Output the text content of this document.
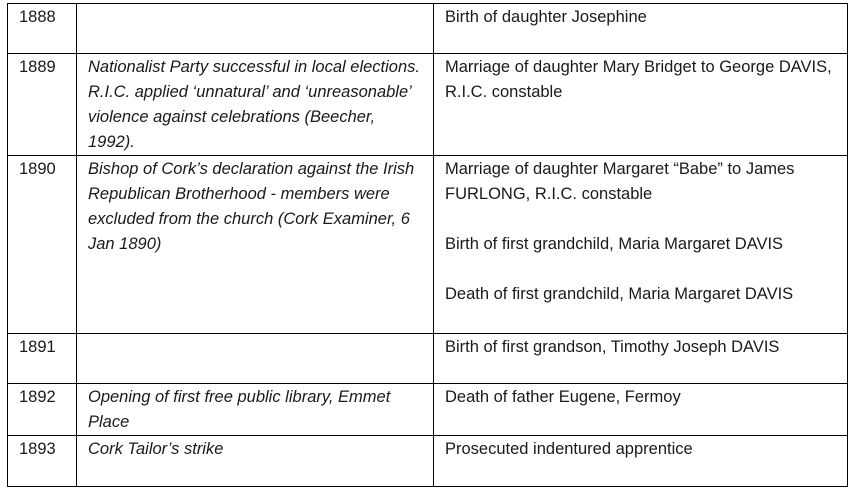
1888		Birth of daughter Josephine

1889	Nationalist Party successful in local elections. R.I.C. applied ‘unnatural’ and ‘unreasonable’ violence against celebrations (Beecher, 1992).	Marriage of daughter Mary Bridget to George DAVIS, R.I.C. constable

1890	Bishop of Cork’s declaration against the Irish Republican Brotherhood - members were excluded from the church (Cork Examiner, 6 Jan 1890)	Marriage of daughter Margaret “Babe” to James FURLONG, R.I.C. constable

Birth of first grandchild, Maria Margaret DAVIS

Death of first grandchild, Maria Margaret DAVIS

1891		Birth of first grandson, Timothy Joseph DAVIS

1892	Opening of first free public library, Emmet Place	Death of father Eugene, Fermoy

1893	Cork Tailor’s strike	Prosecuted indentured apprentice
